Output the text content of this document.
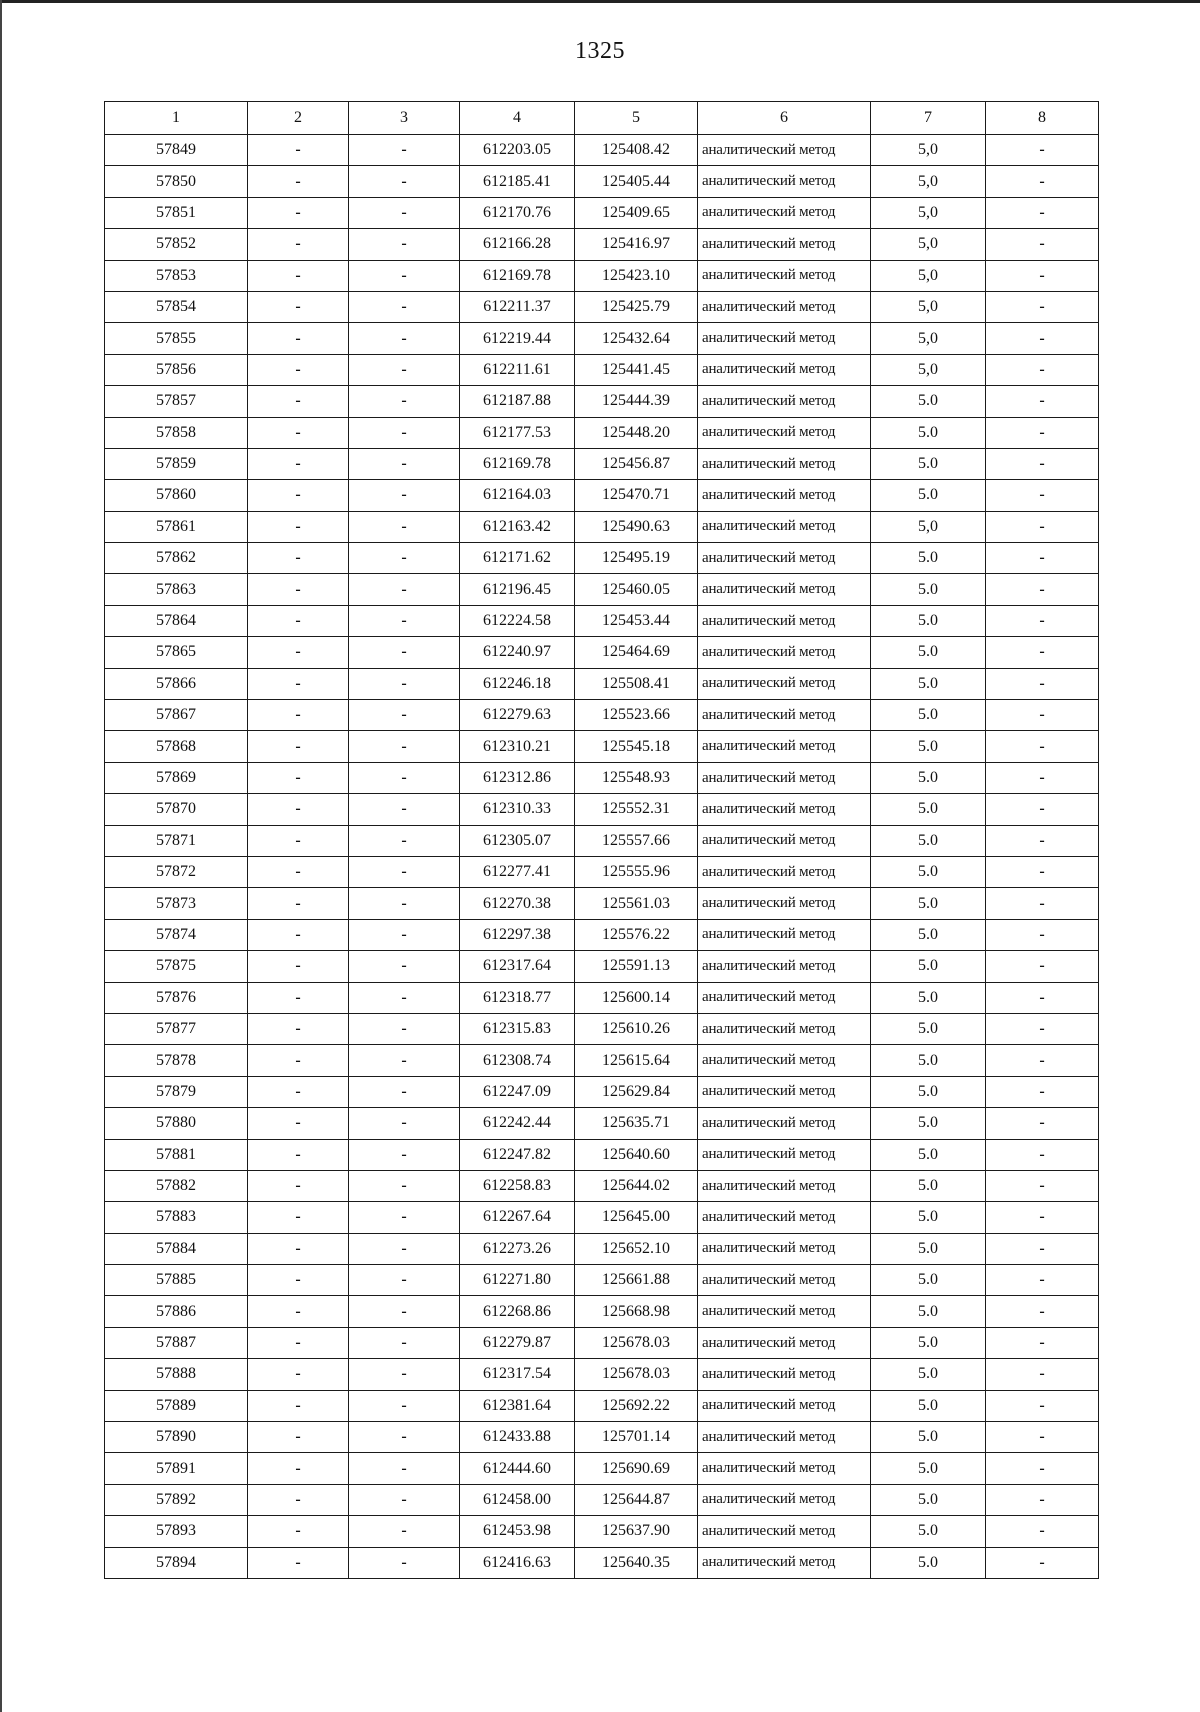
1325
1	2	3	4	5	6	7	8
57849	-	-	612203.05	125408.42	аналитический метод	5,0	-
57850	-	-	612185.41	125405.44	аналитический метод	5,0	-
57851	-	-	612170.76	125409.65	аналитический метод	5,0	-
57852	-	-	612166.28	125416.97	аналитический метод	5,0	-
57853	-	-	612169.78	125423.10	аналитический метод	5,0	-
57854	-	-	612211.37	125425.79	аналитический метод	5,0	-
57855	-	-	612219.44	125432.64	аналитический метод	5,0	-
57856	-	-	612211.61	125441.45	аналитический метод	5,0	-
57857	-	-	612187.88	125444.39	аналитический метод	5.0	-
57858	-	-	612177.53	125448.20	аналитический метод	5.0	-
57859	-	-	612169.78	125456.87	аналитический метод	5.0	-
57860	-	-	612164.03	125470.71	аналитический метод	5.0	-
57861	-	-	612163.42	125490.63	аналитический метод	5,0	-
57862	-	-	612171.62	125495.19	аналитический метод	5.0	-
57863	-	-	612196.45	125460.05	аналитический метод	5.0	-
57864	-	-	612224.58	125453.44	аналитический метод	5.0	-
57865	-	-	612240.97	125464.69	аналитический метод	5.0	-
57866	-	-	612246.18	125508.41	аналитический метод	5.0	-
57867	-	-	612279.63	125523.66	аналитический метод	5.0	-
57868	-	-	612310.21	125545.18	аналитический метод	5.0	-
57869	-	-	612312.86	125548.93	аналитический метод	5.0	-
57870	-	-	612310.33	125552.31	аналитический метод	5.0	-
57871	-	-	612305.07	125557.66	аналитический метод	5.0	-
57872	-	-	612277.41	125555.96	аналитический метод	5.0	-
57873	-	-	612270.38	125561.03	аналитический метод	5.0	-
57874	-	-	612297.38	125576.22	аналитический метод	5.0	-
57875	-	-	612317.64	125591.13	аналитический метод	5.0	-
57876	-	-	612318.77	125600.14	аналитический метод	5.0	-
57877	-	-	612315.83	125610.26	аналитический метод	5.0	-
57878	-	-	612308.74	125615.64	аналитический метод	5.0	-
57879	-	-	612247.09	125629.84	аналитический метод	5.0	-
57880	-	-	612242.44	125635.71	аналитический метод	5.0	-
57881	-	-	612247.82	125640.60	аналитический метод	5.0	-
57882	-	-	612258.83	125644.02	аналитический метод	5.0	-
57883	-	-	612267.64	125645.00	аналитический метод	5.0	-
57884	-	-	612273.26	125652.10	аналитический метод	5.0	-
57885	-	-	612271.80	125661.88	аналитический метод	5.0	-
57886	-	-	612268.86	125668.98	аналитический метод	5.0	-
57887	-	-	612279.87	125678.03	аналитический метод	5.0	-
57888	-	-	612317.54	125678.03	аналитический метод	5.0	-
57889	-	-	612381.64	125692.22	аналитический метод	5.0	-
57890	-	-	612433.88	125701.14	аналитический метод	5.0	-
57891	-	-	612444.60	125690.69	аналитический метод	5.0	-
57892	-	-	612458.00	125644.87	аналитический метод	5.0	-
57893	-	-	612453.98	125637.90	аналитический метод	5.0	-
57894	-	-	612416.63	125640.35	аналитический метод	5.0	-
